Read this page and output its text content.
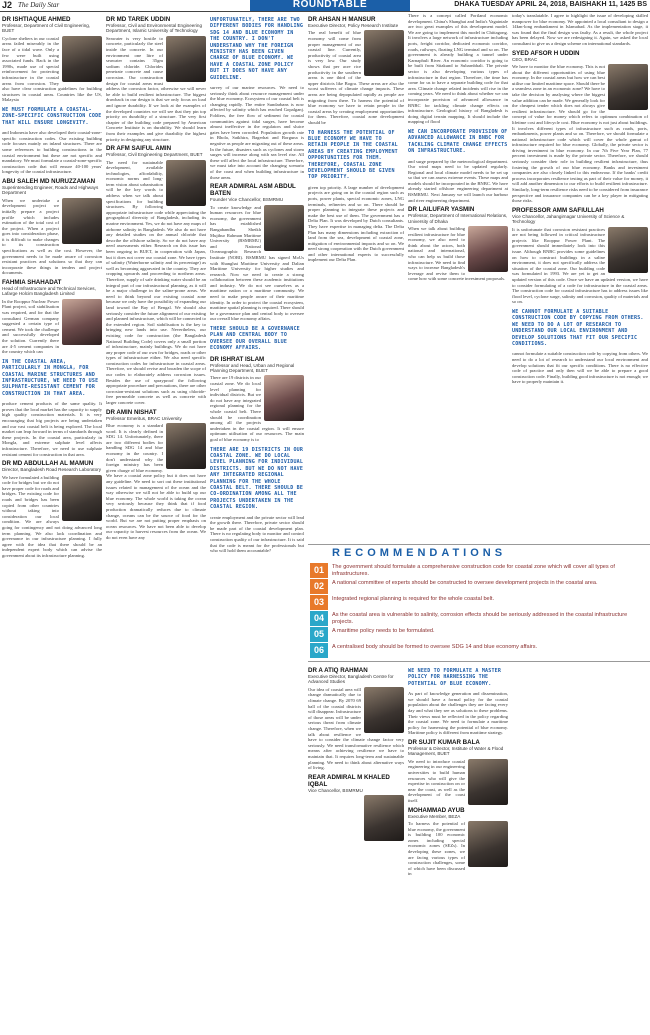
J2 The Daily Star	ROUNDTABLE	DHAKA TUESDAY APRIL 24, 2018, BAISHAKH 11, 1425 BS
DR ISHTIAQUE AHMED
Professor, Department of Civil Engineering, BUET

Cyclone shelters in our coastal areas failed miserably in the face of a tidal wave. Only a few were built using associated funds. Back in the 1990s, made use of special reinforcement for protecting infrastructure in the coastal areas from corrosion. They also have clear construction guidelines for building structures in coastal areas. Countries like the US, Malaysia

WE MUST FORMULATE A COASTAL-ZONE-SPECIFIC CONSTRUCTION CODE THAT WILL ENSURE LONGEVITY.

and Indonesia have also developed their coastal-zone-specific construction codes. Our existing building code focuses mainly on inland structures. There are some references to building constructions in the coastal environment but these are not specific and mandatory. We must formulate a coastal-zone-specific construction code that will ensure 40-100 years' longevity of the coastal infrastructure.

ABU SALEH MD NURUZZAMAN
Superintending Engineer, Roads and Highways Department

When we undertake a development project we initially prepare a project profile which includes estimation of the total cost of the project. When a project goes into consideration phase, it is difficult to make changes to its construction specifications as well as the cost. However, the government needs to be made aware of corrosion resistant practices and solutions so that they can incorporate these things in tenders and project documents.

FAHMIA SHAHADAT
Head of Infrastructure and Technical Services, Lafarge Holcim Bangladesh Limited

In the Rooppur Nuclear Power Plant project, soil stabilisation was required, and for that the consultant German company suggested a certain type of cement. We took the challenge and successfully developed the solution. Currently there are 4-5 cement companies in the country which can

IN THE COASTAL AREA, PARTICULARLY IN MONGLA, FOR COASTAL MARINE STRUCTURES AND INFRASTRUCTURE, WE NEED TO USE SULPHATE-RESISTANT CEMENT FOR CONSTRUCTION IN THAT AREA.

produce cement products of the same quality. It proves that the local market has the capacity to supply high quality construction materials. It is very encouraging that big projects are being undertaken and our vast coastal belt is being explored. The local market can leap forward in terms of standards through these projects. In the coastal area, particularly in Mongla, and extreme sulphate level affects infrastructure. Therefore, we need to use sulphate resistant cement for construction in that area.

DR MD ABDULLAH AL MAMUN
Director, Bangladesh Road Research Laboratory

We have formulated a building code for bridges but we do not have proper code for roads and bridges. The existing code for roads and bridges has been copied from other countries without taking into consideration our local condition. We are always going for contingency and not doing advanced long term planning. We also lack coordination and governance in our infrastructure planning. I fully agree with the idea that there should be an independent expert body which can advise the government about its infrastructure planning.

DR MD TAREK UDDIN
Professor, Civil and Environmental Engineering Department, Islamic University of Technology

Seawater is very hostile to concrete, particularly the steel inside the concrete. In our environment one litre of seawater contains 35gm sodium chloride. Chlorides penetrate concrete and cause corrosion. Our construction design for coastal areas must address the corrosion factor, otherwise we will never be able to build resilient infrastructure. The biggest drawback in our design is that we only focus on load and ignore durability. If we look at the examples of the developed countries we will see that they pin top priority on durability of a structure. The very first chapter of the building code prepared by American Concrete Institute is on durability. We should learn from their examples and give durability the highest priority in designing any structure.

DR AFM SAIFUL AMIN
Professor, Civil Engineering Department, BUET

The need for sustainable development, available technologies, affordability, economic norms and long-term vision about urbanisation will be the key words to address when we talk about specifications for building structures. By following appropriate infrastructure code while appreciating the geographical diversity of Bangladesh, including its marine environment. Yes, we do not have any maps of airborne salinity in Bangladesh. We also do not have any detailed studies on the annual chloride that describe the offshore salinity. So we do not have any need assessments either. Research on this issue has been ongoing in BUET, in cooperation with Japan, but it does not cover our coastal zone. We have types of salinity (Waterborne salinity and its percentage) as well as becoming aggravated in the country. They are cropping upwards and proceeding to northern areas. Therefore, supply of safe drinking water should be an integral part of our infrastructural planning, as it will be a major challenge in the saline-prone areas. We need to think beyond our existing coastal zone because we only have the possibility of expanding our land toward the Bay of Bengal. We should also seriously consider the future alignment of our existing and planned infrastructure, which will be connected to the extended region. Soil stabilisation is the key to bringing new lands into use. Nevertheless, our existing code for construction (the Bangladesh National Building Code) covers only a small portion of infrastructure, mainly buildings. We do not have any proper code of our own for bridges, roads or other types of infrastructure either. We also need specific construction codes for infrastructure in coastal areas. Therefore, we should revise and broaden the scope of our codes to elaborately address corrosion issues. Besides the use of sprayproof the following appropriate procedure and precautions, there are other corrosion-resistant solutions such as using chloride-free permeable concrete as well as concrete with larger concrete cover.

DR AMIN NISHAT
Professor Emeritus, BRAC University

Blue economy is a standard word. It is clearly defined in SDG 14. Unfortunately, there are two different bodies for handling SDG 14 and blue economy in the country. I don't understand why the foreign ministry has been given charge of blue economy. We have a coastal zone policy but it does not have any guideline. We need to sort out these institutional issues related to management of the ocean and the way otherwise we will not be able to build up our blue economy. The whole world is taking the ocean very seriously because they think that if food production dramatically reduces due to climate change, oceans can be the source of food for the world. But we are not putting proper emphasis on ocean resources. We have not been able to develop our capacity to harvest resources from the ocean. We do not even have any

UNFORTUNATELY, THERE ARE TWO DIFFERENT BODIES FOR HANDLING SDG 14 AND BLUE ECONOMY IN THE COUNTRY. I DON'T UNDERSTAND WHY THE FOREIGN MINISTRY HAS BEEN GIVEN CHARGE OF BLUE ECONOMY. WE HAVE A COASTAL ZONE POLICY BUT IT DOES NOT HAVE ANY GUIDELINE.

survey of our marine resources. We need to seriously think about resource management under the blue economy. Ecosystem of our coastal belt is changing rapidly. The entire Sundarbans is now affected by salinity which has reached Gopalganj. Foldiers, the free flow of sediment for coastal communities against tidal surges, have become almost ineffective in the regulators and sluice gates have been corroded. Population growth rate in Bhola, Satkhira, Bagerhat and Borguna is negative as people are migrating out of these areas. In the future, disasters such as cyclones and storm surges will increase along with sea level rise. All these will affect the local infrastructure. Therefore, we must take into account the changing scenario of the coast and when building infrastructure in those areas.

REAR ADMIRAL ASM ABDUL BATEN
Founder Vice Chancellor, BSMRMU

To create knowledge and human resources for blue economy, the government has established Bangabandhu Sheikh Mujibur Rahman Maritime University (BSMRMU) and National Oceanographic Research Institute (NORI). BSMRMU has signed MoUs with Shanghai Maritime University and Dalian Maritime University for higher studies and research. Now we need to create a strong collaboration between these academic institutions and industry. We do not see ourselves as a maritime nation or a maritime community. We need to make people aware of their maritime identity. In order to protect the coastal ecosystem, maritime spatial planning is required. There should be a governance plan and central body to oversee our overall blue economy affairs.

THERE SHOULD BE A GOVERNANCE PLAN AND CENTRAL BODY TO OVERSEE OUR OVERALL BLUE ECONOMY AFFAIRS.
DR ISHRAT ISLAM
Professor and Head, Urban and Regional Planning Department, BUET

There are 19 districts in our coastal zone. We do local level planning for individual districts. But we do not have any integrated regional planning for the whole coastal belt. There should be coordination among all the projects undertaken in the coastal region. It will ensure optimum utilisation of our resources. The main goal of blue economy is to

THERE ARE 19 DISTRICTS IN OUR COASTAL ZONE. WE DO LOCAL LEVEL PLANNING FOR INDIVIDUAL DISTRICTS. BUT WE DO NOT HAVE ANY INTEGRATED REGIONAL PLANNING FOR THE WHOLE COASTAL BELT. THERE SHOULD BE CO-ORDINATION AMONG ALL THE PROJECTS UNDERTAKEN IN THE COASTAL REGION.

create employment and the private sector will lead the growth there. Therefore, private sector should be made part of the coastal development plan. There is no regulating body to monitor and control construction quality of our infrastructure. It is said that the code is meant for the professionals but who will hold them accountable?

DR AHSAN H MANSUR
Executive Director, Policy Research Institute

The real benefit of blue economy will come from proper management of our coastal line. Currently, productivity of coastal area is very low. Our study shows that per acre rice productivity in the southern areas is one third of the upper districts like Bogra. These areas are also the worst sufferers of climate change impacts. These areas are being depopulated rapidly as people are migrating from there. To harness the potential of blue economy we have to retain people in the coastal areas by creating employment opportunities for them. Therefore, coastal zone development should be

TO HARNESS THE POTENTIAL OF BLUE ECONOMY WE HAVE TO RETAIN PEOPLE IN THE COASTAL AREAS BY CREATING EMPLOYMENT OPPORTUNITIES FOR THEM. THEREFORE, COASTAL ZONE DEVELOPMENT SHOULD BE GIVEN TOP PRIORITY.

given top priority. A large number of development projects are going on in the coastal region such as ports, power plants, special economic zones, LNG terminals, refineries and so on. There should be proper planning to integrate these projects and make the best use of them. The government has a Delta Plan. It was developed by Dutch consultants. They have expertise in managing delta. The Delta Plan has many dimensions including extraction of land from the sea, development of coastal zone, mitigation of environmental impacts and so on. We need strong cooperation with the Dutch government and other international experts to successfully implement our Delta Plan.

There is a concept called Portland economic development. China's Shanghai and India's Vagaintale are two great examples of this development model. We are going to implement this model in Chittagong. It involves a large network of infrastructure including ports, freight corridor, dedicated economic corridor, roads, railways, floating LNG terminal and so on. The government is already building a tunnel under Karnaphuli River. An economic corridor is going to be built from Sitakund to Subarnbhali. The private sector is also developing various types of infrastructure in that region. Therefore, the time has come for us to have a separate building code for that area. Climate change related incidents will rise in the coming years. We need to think about whether we can incorporate provision of advanced allowance in BNBC for tackling climate change effects on infrastructure. Geological history of Bangladesh is doing digital terrain mapping. It should include the mapping of flood

WE CAN INCORPORATE PROVISION OF ADVANCED ALLOWANCE IN BNBC FOR TACKLING CLIMATE CHANGE EFFECTS ON INFRASTRUCTURE.

and surge prepared by the meteorological department. Our wind maps need to be updated regularly. Regional and local climate model needs to be set up so that we can assess extreme events. These maps and models should be incorporated in the BNBC. We have already started offshore engineering department at BSMRMU. Next January we will launch our harbour and river engineering department.

DR LAILUFAR YASMIN
Professor, Department of International Relations, University of Dhaka

When we talk about building resilient infrastructure for blue economy, we also need to think about the actors, both national and international, who can help us build those infrastructure. We need to find ways to increase Bangladesh's leverage and revise them to come how with some concrete investment proposals.

today's translatable. I agree to highlight the issue of developing skilled manpower for blue economy. We appointed a local consultant to design a 14km-long embankment in Islamabad. As the implementation stage, it was found that the final design was faulty. As a result, the whole project has been delayed. Now we are redesigning it. Again, we asked the local consultant to give us a design scheme on international standards.

SYED AFSOR H UDDIN
CEO, BRAC

We have to monitor the blue economy. This is not about the different opportunities of using blue economy. In the coastal areas but how we can best utilise our limited maritime space. Should there be a seamless zone in an economic zone? We have to take the decision by analysing where the biggest value addition can be made. We generally look for the cheapest tender which does not always give resilient infrastructure. We should go for the concept of value for money which refers to optimum combination of lifetime cost and lifecycle cost. Blue economy is not just about buildings. It involves different types of infrastructure such as roads, ports, embankments, power plants and so on. Therefore, we should formulate a national infrastructure code which will cover the whole gamut of infrastructure required for blue economy. Globally, the private sector is driving investment in blue economy. In our 7th Five Year Plan, 77 percent investment is made by the private sector. Therefore, we should seriously consider their role in building resilient infrastructure, thus fostering the growth of our blue economy. Banks and investment companies are also closely linked to this endeavour. If the banks' credit process incorporates resilience testing as part of their value for money, it will add another dimension to our efforts to build resilient infrastructure. Similarly, long-term resilience risks need to be considered from insurance perspective and insurance companies can be a key player in mitigating those risks.

PROFESSOR AMM SAFIULLAH
Vice Chancellor, Jahangirnagar University of Science & Technology

It is unfortunate that corrosion resistant practices are not being followed in critical infrastructure projects like Rooppur Power Plant. The government should immediately look into this issue. Although BNBC provides some guidelines on how to construct buildings in a saline environment, it does not specifically address the situation of the coastal zone. Our building code was formulated in 1993. We are yet to get an updated version of this code. Once we have an updated version, we have to consider formulating of a code for infrastructure in the coastal areas. The construction code for coastal infrastructure has to address issues like flood level, cyclone surge, salinity and corrosion, quality of materials and so on.

WE CANNOT FORMULATE A SUITABLE CONSTRUCTION CODE BY COPYING FROM OTHERS. WE NEED TO DO A LOT OF RESEARCH TO UNDERSTAND OUR LOCAL ENVIRONMENT AND DEVELOP SOLUTIONS THAT FIT OUR SPECIFIC CONDITIONS.

cannot formulate a suitable construction code by copying from others. We need to do a lot of research to understand our local environment and develop solutions that fit our specific conditions. There is no effective code of practice and only then will we be able to prepare a good construction code. Finally, building good infrastructure is not enough; we have to properly maintain it.

RECOMMENDATIONS
01	The government should formulate a comprehensive construction code for coastal zone which will cover all types of infrastructures.
02	A national committee of experts should be constructed to oversee development projects in the coastal area.
03	Integrated regional planning is required for the whole coastal belt.
04	As the coastal area is vulnerable to salinity, corrosion effects should be seriously addressed in the coastal infrastructure projects.
05	A maritime policy needs to be formulated.
06	A centralised body should be formed to oversee SDG 14 and blue economy affairs.
DR A ATIQ RAHMAN
Executive Director, Bangladesh Centre for Advanced Studies

Our idea of coastal area will change dramatically due to climate change. By 2070 69 ball of the coastal districts will disappear. Infrastructure of those areas will be under serious threat from climate change. Therefore, when we talk about resilience we have to consider the climate change factor very seriously. We need transformative resilience which means after achieving resilience we have to maintain that. It requires long-term and sustainable planning. We need to think about alternative ways of living.

REAR ADMIRAL M KHALED IQBAL
Vice Chancellor, BSMRMU
WE NEED TO FORMULATE A MASTER POLICY FOR HARNESSING THE POTENTIAL OF BLUE ECONOMY.

As part of knowledge generation and dissemination, we should have a formal policy for the coastal population about the challenges they are facing every day and what they see as solutions to these problems. Their views must be reflected in the policy regarding the coastal zone. We need to formulate a maritime policy for harnessing the potential of blue economy. Maritime policy is different from maritime strategy.

DR SUJIT KUMAR BALA
Professor & Director, Institute of Water & Flood Management, BUET

We need to introduce coastal engineering in our engineering universities to build human resources who will give the expertise in construction on or near the coast, as well as the development of the coast itself.

MOHAMMAD AYUB
Executive Member, BEZA

To harness the potential of blue economy, the government is building 100 economic zones including special economic zones (SEZs). In developing these zones, we are facing various types of construction challenges, some of which have been discussed in
